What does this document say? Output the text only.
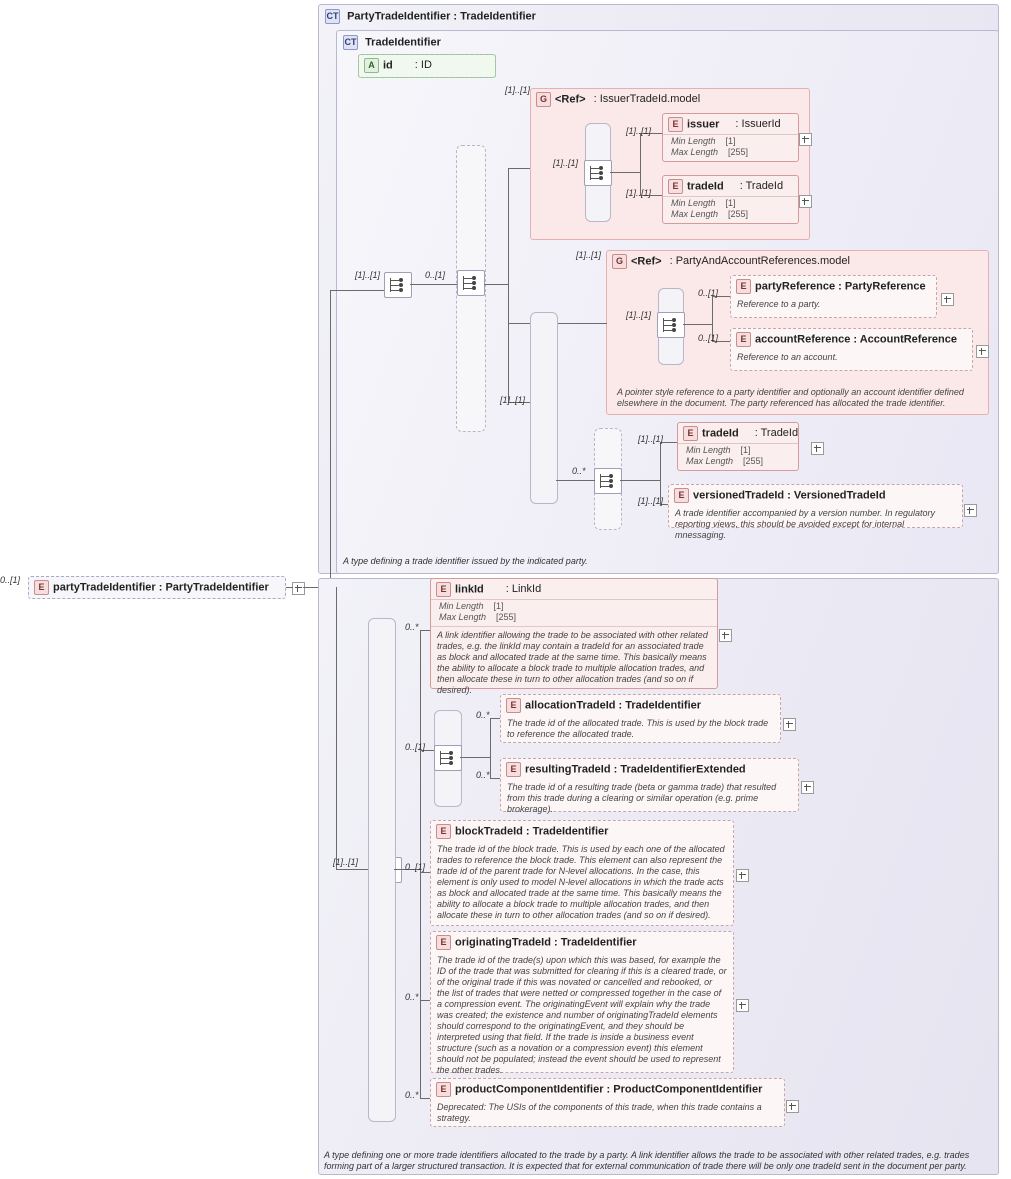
E partyTradeIdentifier : PartyTradeIdentifier
0..[1]
CT PartyTradeIdentifier : TradeIdentifier
CT TradeIdentifier
A type defining a trade identifier issued by the indicated party.
A id : ID
[1]..[1]	0..[1]
[1]..[1]
[1]..[1]
G <Ref> : IssuerTradeId.model
[1]..[1]
[1]..[1]
[1]..[1]
E issuer : IssuerId
Min Length [1]
Max Length [255]
E tradeId : TradeId
Min Length [1]
Max Length [255]
G <Ref> : PartyAndAccountReferences.model
A pointer style reference to a party identifier and optionally an account identifier defined elsewhere in the document. The party referenced has allocated the trade identifier.
[1]..[1]
[1]..[1]
0..[1]
0..[1]
E partyReference : PartyReference
Reference to a party.
E accountReference : AccountReference
Reference to an account.
0..*
[1]..[1]
[1]..[1]
E tradeId : TradeId
Min Length [1]
Max Length [255]
E versionedTradeId : VersionedTradeId
A trade identifier accompanied by a version number. In regulatory reporting views, this should be avoided except for internal mnessaging.
A type defining one or more trade identifiers allocated to the trade by a party. A link identifier allows the trade to be associated with other related trades, e.g. trades forming part of a larger structured transaction. It is expected that for external communication of trade there will be only one tradeId sent in the document per party.
[1]..[1]
0..*
0..[1]
0..[1]
0..*
0..*
E linkId : LinkId
Min Length [1]
Max Length [255]
A link identifier allowing the trade to be associated with other related trades, e.g. the linkId may contain a tradeId for an associated trade as block and allocated trade at the same time. This basically means the ability to allocate a block trade to multiple allocation trades, and then allocate these in turn to other allocation trades (and so on if desired).
0..*
0..*
E allocationTradeId : TradeIdentifier
The trade id of the allocated trade. This is used by the block trade to reference the allocated trade.
E resultingTradeId : TradeIdentifierExtended
The trade id of a resulting trade (beta or gamma trade) that resulted from this trade during a clearing or similar operation (e.g. prime brokerage).
E blockTradeId : TradeIdentifier
The trade id of the block trade. This is used by each one of the allocated trades to reference the block trade. This element can also represent the trade id of the parent trade for N-level allocations. In the case, this element is only used to model N-level allocations in which the trade acts as block and allocated trade at the same time. This basically means the ability to allocate a block trade to multiple allocation trades, and then allocate these in turn to other allocation trades (and so on if desired).
E originatingTradeId : TradeIdentifier
The trade id of the trade(s) upon which this was based, for example the ID of the trade that was submitted for clearing if this is a cleared trade, or of the original trade if this was novated or cancelled and rebooked, or the list of trades that were netted or compressed together in the case of a compression event. The originatingEvent will explain why the trade was created; the existence and number of originatingTradeId elements should correspond to the originatingEvent, and they should be interpreted using that field. If the trade is inside a business event structure (such as a novation or a compression event) this element should not be populated; instead the event should be used to represent the other trades.
E productComponentIdentifier : ProductComponentIdentifier
Deprecated: The USIs of the components of this trade, when this trade contains a strategy.
